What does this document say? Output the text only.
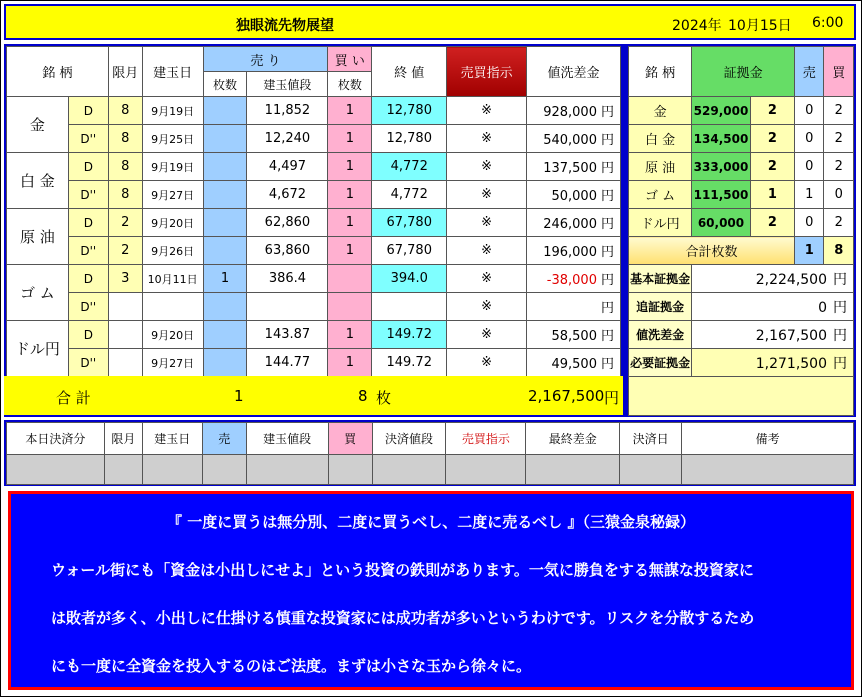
独眼流先物展望	2024年 10月15日 6:00
銘 柄		限月	建玉日	売 り		買 い	終 値	売買指示	値洗差金
				枚数	建玉値段	枚数			
金	D	8	9月19日		11,852	1	12,780	※	928,000 円
	D''	8	9月25日		12,240	1	12,780	※	540,000 円
白 金	D	8	9月19日		4,497	1	4,772	※	137,500 円
	D''	8	9月27日		4,672	1	4,772	※	50,000 円
原 油	D	2	9月20日		62,860	1	67,780	※	246,000 円
	D''	2	9月26日		63,860	1	67,780	※	196,000 円
ゴ ム	D	3	10月11日	1	386.4		394.0	※	-38,000 円
	D''							※	円
ドル円	D		9月20日		143.87	1	149.72	※	58,500 円
	D''		9月27日		144.77	1	149.72	※	49,500 円
合 計	1	8 枚	2,167,500 円
銘 柄	証拠金		売	買
金	529,000	2	0	2
白 金	134,500	2	0	2
原 油	333,000	2	0	2
ゴ ム	111,500	1	1	0
ドル円	60,000	2	0	2
合計枚数			1	8
基本証拠金	2,224,500 円			
追証拠金	0 円			
値洗差金	2,167,500 円			
必要証拠金	1,271,500 円			

本日決済分	限月	建玉日	売	建玉値段	買	決済値段	売買指示	最終差金	決済日	備考

『 一度に買うは無分別、二度に買うべし、二度に売るべし 』（三猿金泉秘録）
ウォール街にも「資金は小出しにせよ」という投資の鉄則があります。一気に勝負をする無謀な投資家に
は敗者が多く、小出しに仕掛ける慎重な投資家には成功者が多いというわけです。リスクを分散するため
にも一度に全資金を投入するのはご法度。まずは小さな玉から徐々に。
